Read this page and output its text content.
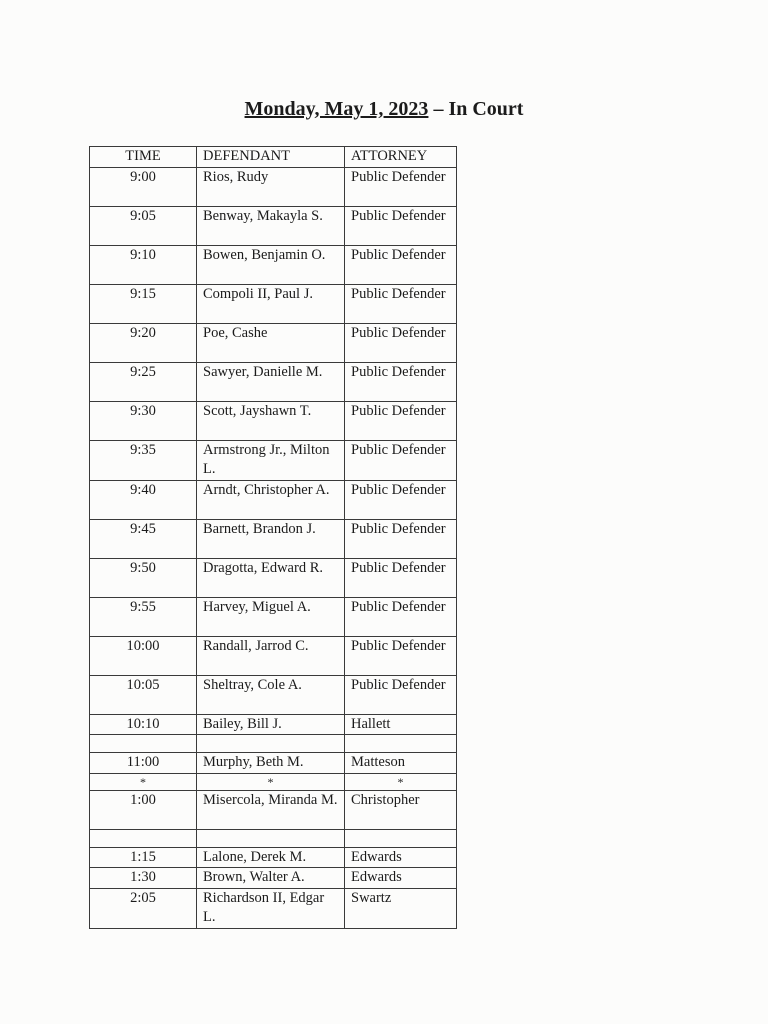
Monday, May 1, 2023 – In Court
TIME	DEFENDANT	ATTORNEY
9:00	Rios, Rudy	Public Defender
9:05	Benway, Makayla S.	Public Defender
9:10	Bowen, Benjamin O.	Public Defender
9:15	Compoli II, Paul J.	Public Defender
9:20	Poe, Cashe	Public Defender
9:25	Sawyer, Danielle M.	Public Defender
9:30	Scott, Jayshawn T.	Public Defender
9:35	Armstrong Jr., Milton L.	Public Defender
9:40	Arndt, Christopher A.	Public Defender
9:45	Barnett, Brandon J.	Public Defender
9:50	Dragotta, Edward R.	Public Defender
9:55	Harvey, Miguel A.	Public Defender
10:00	Randall, Jarrod C.	Public Defender
10:05	Sheltray, Cole A.	Public Defender
10:10	Bailey, Bill J.	Hallett

11:00	Murphy, Beth M.	Matteson
*	*	*
1:00	Misercola, Miranda M.	Christopher

1:15	Lalone, Derek M.	Edwards
1:30	Brown, Walter A.	Edwards
2:05	Richardson II, Edgar L.	Swartz
